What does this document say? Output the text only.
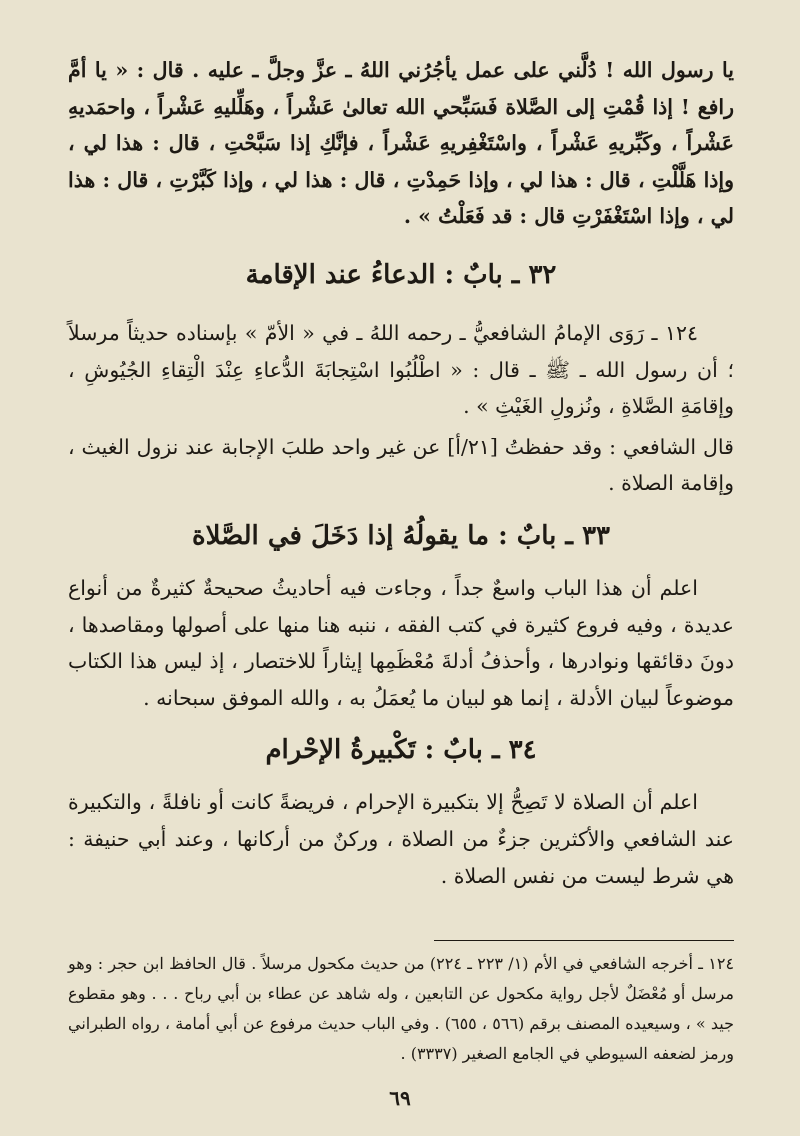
يا رسول الله ! دُلَّني على عمل يأجُرُني اللهُ ـ عزَّ وجلَّ ـ عليه . قال : « يا أمَّ رافع ! إذا قُمْتِ إلى الصَّلاة فَسَبِّحي الله تعالىٰ عَشْراً ، وهَلِّليهِ عَشْراً ، واحمَديهِ عَشْراً ، وكَبِّريهِ عَشْراً ، واسْتَغْفِريهِ عَشْراً ، فإنَّكِ إذا سَبَّحْتِ ، قال : هذا لي ، وإذا هَلَّلْتِ ، قال : هذا لي ، وإذا حَمِدْتِ ، قال : هذا لي ، وإذا كَبَّرْتِ ، قال : هذا لي ، وإذا اسْتَغْفَرْتِ قال : قد فَعَلْتُ » .

٣٢ ـ بابٌ : الدعاءُ عند الإقامة

١٢٤ ـ رَوَى الإمامُ الشافعيُّ ـ رحمه اللهُ ـ في « الأمّ » بإسناده حديثاً مرسلاً ؛ أن رسول الله ـ ﷺ ـ قال : « اطْلُبُوا اسْتِجابَةَ الدُّعاءِ عِنْدَ الْتِقاءِ الجُيُوشِ ، وإقامَةِ الصَّلاةِ ، ونُزولِ الغَيْثِ » .

قال الشافعي : وقد حفظتُ [٢١/أ] عن غير واحد طلبَ الإجابة عند نزول الغيث ، وإقامة الصلاة .

٣٣ ـ بابٌ : ما يقولُهُ إذا دَخَلَ في الصَّلاة

اعلم أن هذا الباب واسعٌ جداً ، وجاءت فيه أحاديثُ صحيحةٌ كثيرةٌ من أنواع عديدة ، وفيه فروع كثيرة في كتب الفقه ، ننبه هنا منها على أصولها ومقاصدها ، دونَ دقائقها ونوادرها ، وأحذفُ أدلةَ مُعْظَمِها إيثاراً للاختصار ، إذ ليس هذا الكتاب موضوعاً لبيان الأدلة ، إنما هو لبيان ما يُعمَلُ به ، والله الموفق سبحانه .

٣٤ ـ بابٌ : تَكْبيرةُ الإحْرام

اعلم أن الصلاة لا تَصِحُّ إلا بتكبيرة الإحرام ، فريضةً كانت أو نافلةً ، والتكبيرة عند الشافعي والأكثرين جزءٌ من الصلاة ، وركنٌ من أركانها ، وعند أبي حنيفة : هي شرط ليست من نفس الصلاة .

١٢٤ ـ أخرجه الشافعي في الأم (١/ ٢٢٣ ـ ٢٢٤) من حديث مكحول مرسلاً . قال الحافظ ابن حجر : وهو مرسل أو مُعْضَلٌ لأجل رواية مكحول عن التابعين ، وله شاهد عن عطاء بن أبي رباح . . . وهو مقطوع جيد » ، وسيعيده المصنف برقم (٥٦٦ ، ٦٥٥) . وفي الباب حديث مرفوع عن أبي أمامة ، رواه الطبراني ورمز لضعفه السيوطي في الجامع الصغير (٣٣٣٧) .

٦٩
